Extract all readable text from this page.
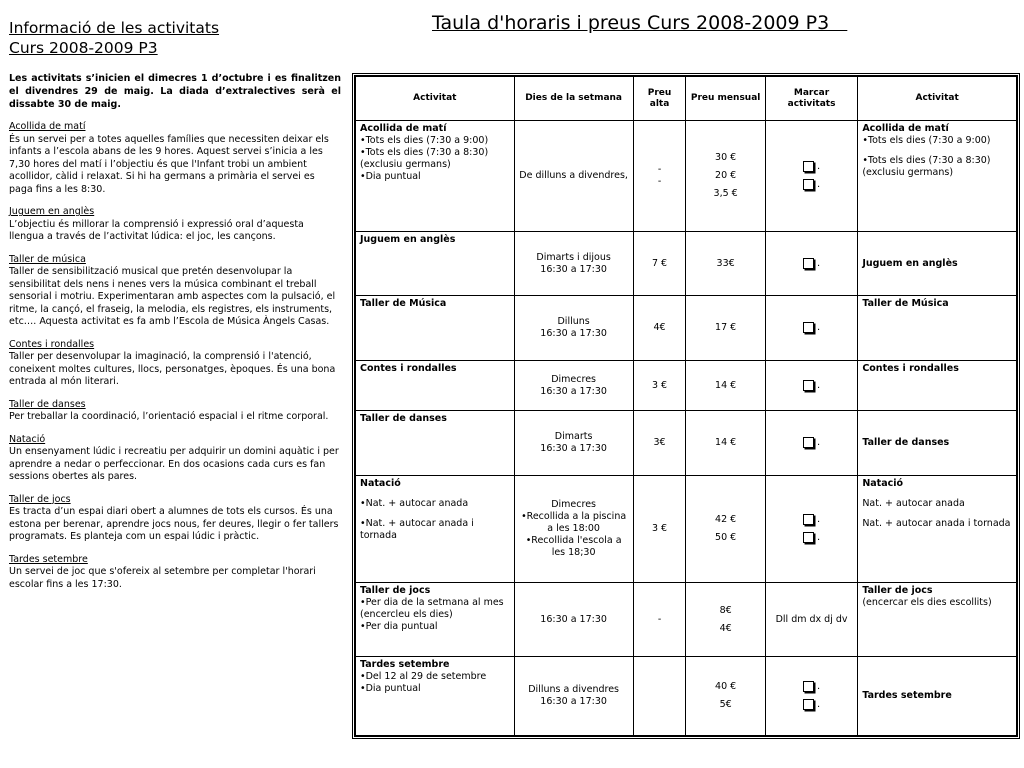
Informació de les activitats
Curs 2008-2009 P3
Les activitats s’inicien el dimecres 1 d’octubre i es finalitzen el divendres 29 de maig. La diada d’extralectives serà el dissabte 30 de maig.
Acollida de matí
És un servei per a totes aquelles famílies que necessiten deixar els infants a l’escola abans de les 9 hores. Aquest servei s’inicia a les 7,30 hores del matí i l’objectiu és que l'Infant trobi un ambient acollidor, càlid i relaxat. Si hi ha germans a primària el servei es paga fins a les 8:30.
Juguem en anglès
L’objectiu és millorar la comprensió i expressió oral d’aquesta llengua a través de l’activitat lúdica: el joc, les cançons.
Taller de música
Taller de sensibilització musical que pretén desenvolupar la sensibilitat dels nens i nenes vers la música combinant el treball sensorial i motriu. Experimentaran amb aspectes com la pulsació, el ritme, la cançó, el fraseig, la melodia, els registres, els instruments, etc…. Aquesta activitat es fa amb l’Escola de Música Àngels Casas.
Contes i rondalles
Taller per desenvolupar la imaginació, la comprensió i l'atenció, coneixent moltes cultures, llocs, personatges, èpoques. És una bona entrada al món literari.
Taller de danses
Per treballar la coordinació, l’orientació espacial i el ritme corporal.
Natació
Un ensenyament lúdic i recreatiu per adquirir un domini aquàtic i per aprendre a nedar o perfeccionar. En dos ocasions cada curs es fan sessions obertes als pares.
Taller de jocs
Es tracta d’un espai diari obert a alumnes de tots els cursos. És una estona per berenar, aprendre jocs nous, fer deures, llegir o fer tallers programats. Es planteja com un espai lúdic i pràctic.
Tardes setembre
Un servei de joc que s'ofereix al setembre per completar l'horari escolar fins a les 17:30.
Taula d'horaris i preus Curs 2008-2009 P3
Activitat	Dies de la setmana	Preu alta	Preu mensual	Marcar activitats	Activitat

Acollida de matí
•Tots els dies (7:30 a 9:00)
•Tots els dies (7:30 a 8:30) (exclusiu germans)
•Dia puntual	De dilluns a divendres,	-
-	30 €
20 €
3,5 €	.
.	Acollida de matí
•Tots els dies (7:30 a 9:00)
•Tots els dies (7:30 a 8:30) (exclusiu germans)

Juguem en anglès	Dimarts i dijous
16:30 a 17:30	7 €	33€	.	Juguem en anglès

Taller de Música	Dilluns
16:30 a 17:30	4€	17 €	.	Taller de Música

Contes i rondalles	Dimecres
16:30 a 17:30	3 €	14 €	.	Contes i rondalles

Taller de danses	Dimarts
16:30 a 17:30	3€	14 €	.	Taller de danses

Natació
•Nat. + autocar anada
•Nat. + autocar anada i tornada	Dimecres
•Recollida a la piscina a les 18:00
•Recollida l'escola a les 18;30	3 €	42 €
50 €	.
.	Natació
Nat. + autocar anada
Nat. + autocar anada i tornada

Taller de jocs
•Per dia de la setmana al mes (encercleu els dies)
•Per dia puntual	16:30 a 17:30	-	8€
4€	Dll dm dx dj dv	Taller de jocs
(encercar els dies escollits)

Tardes setembre
•Del 12 al 29 de setembre
•Dia puntual	Dilluns a divendres
16:30 a 17:30		40 €
5€	.
.	Tardes setembre
